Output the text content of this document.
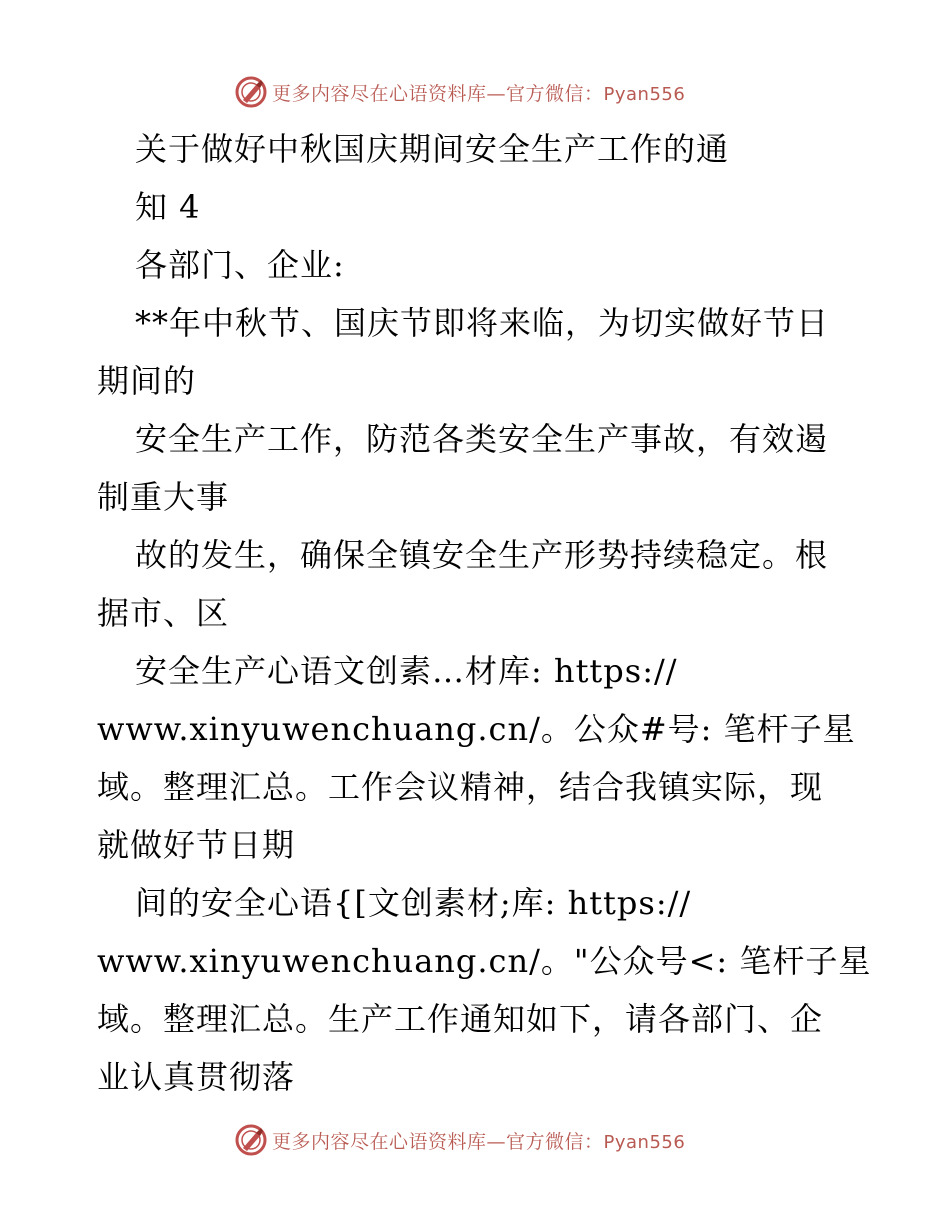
更多内容尽在心语资料库—官方微信：Pyan556
关于做好中秋国庆期间安全生产工作的通
知 4
各部门、企业:
**年中秋节、国庆节即将来临，为切实做好节日
期间的
安全生产工作，防范各类安全生产事故，有效遏
制重大事
故的发生，确保全镇安全生产形势持续稳定。根
据市、区
安全生产心语文创素…材库: https://
www.xinyuwenchuang.cn/。公众#号: 笔杆子星
域。整理汇总。工作会议精神，结合我镇实际，现
就做好节日期
间的安全心语{[文创素材;库: https://
www.xinyuwenchuang.cn/。"公众号<: 笔杆子星
域。整理汇总。生产工作通知如下，请各部门、企
业认真贯彻落
更多内容尽在心语资料库—官方微信：Pyan556
